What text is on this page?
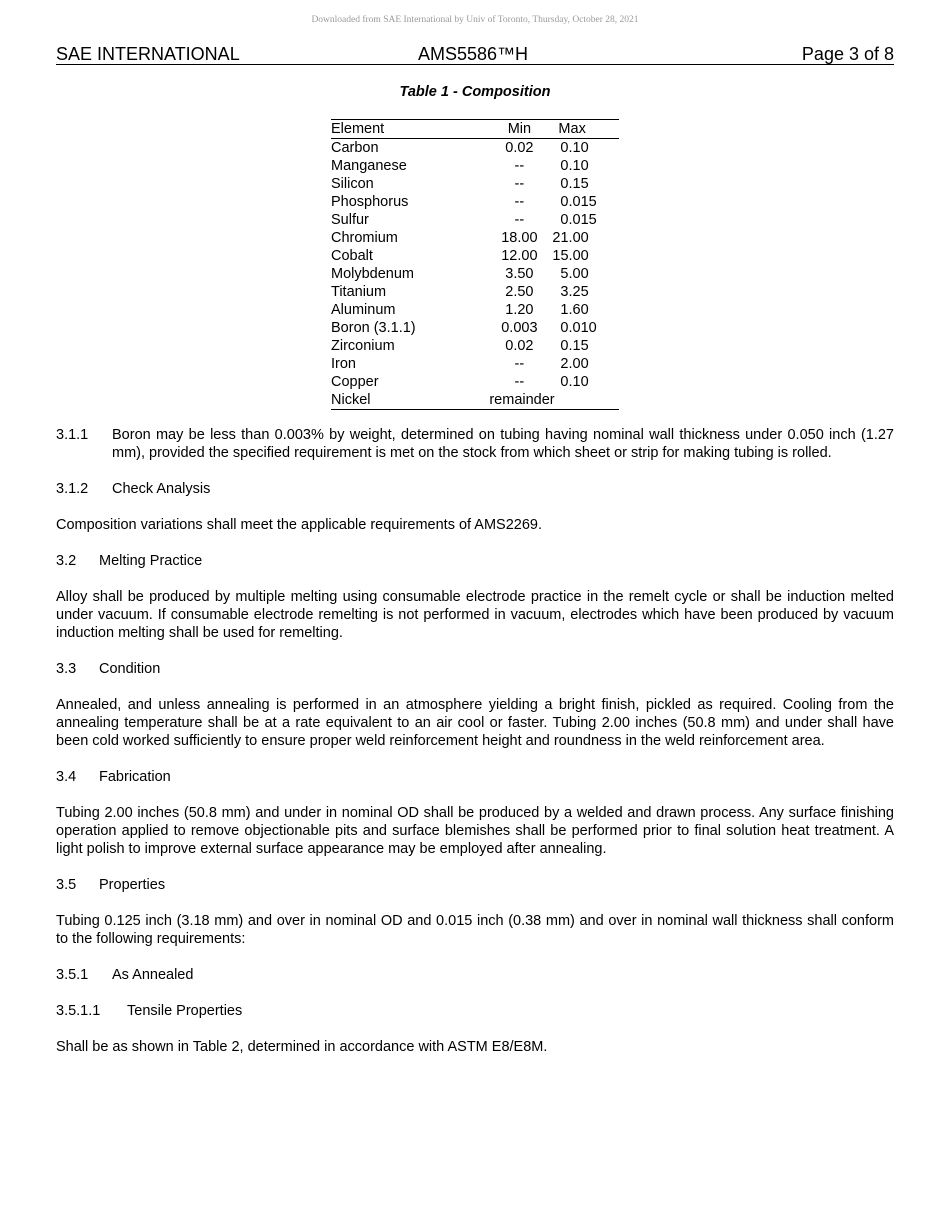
Downloaded from SAE International by Univ of Toronto, Thursday, October 28, 2021
SAE INTERNATIONAL	AMS5586™H	Page 3 of 8
Table 1 - Composition
Element	Min	Max
Carbon	0.02	0.10
Manganese	--	0.10
Silicon	--	0.15
Phosphorus	--	0.015
Sulfur	--	0.015
Chromium	18.00	21.00
Cobalt	12.00	15.00
Molybdenum	3.50	5.00
Titanium	2.50	3.25
Aluminum	1.20	1.60
Boron (3.1.1)	0.003	0.010
Zirconium	0.02	0.15
Iron	--	2.00
Copper	--	0.10
Nickel	remainder	
3.1.1	Boron may be less than 0.003% by weight, determined on tubing having nominal wall thickness under 0.050 inch (1.27 mm), provided the specified requirement is met on the stock from which sheet or strip for making tubing is rolled.
3.1.2 Check Analysis

Composition variations shall meet the applicable requirements of AMS2269.

3.2 Melting Practice

Alloy shall be produced by multiple melting using consumable electrode practice in the remelt cycle or shall be induction melted under vacuum. If consumable electrode remelting is not performed in vacuum, electrodes which have been produced by vacuum induction melting shall be used for remelting.

3.3 Condition

Annealed, and unless annealing is performed in an atmosphere yielding a bright finish, pickled as required. Cooling from the annealing temperature shall be at a rate equivalent to an air cool or faster. Tubing 2.00 inches (50.8 mm) and under shall have been cold worked sufficiently to ensure proper weld reinforcement height and roundness in the weld reinforcement area.

3.4 Fabrication

Tubing 2.00 inches (50.8 mm) and under in nominal OD shall be produced by a welded and drawn process. Any surface finishing operation applied to remove objectionable pits and surface blemishes shall be performed prior to final solution heat treatment. A light polish to improve external surface appearance may be employed after annealing.

3.5 Properties

Tubing 0.125 inch (3.18 mm) and over in nominal OD and 0.015 inch (0.38 mm) and over in nominal wall thickness shall conform to the following requirements:

3.5.1 As Annealed
3.5.1.1 Tensile Properties

Shall be as shown in Table 2, determined in accordance with ASTM E8/E8M.
